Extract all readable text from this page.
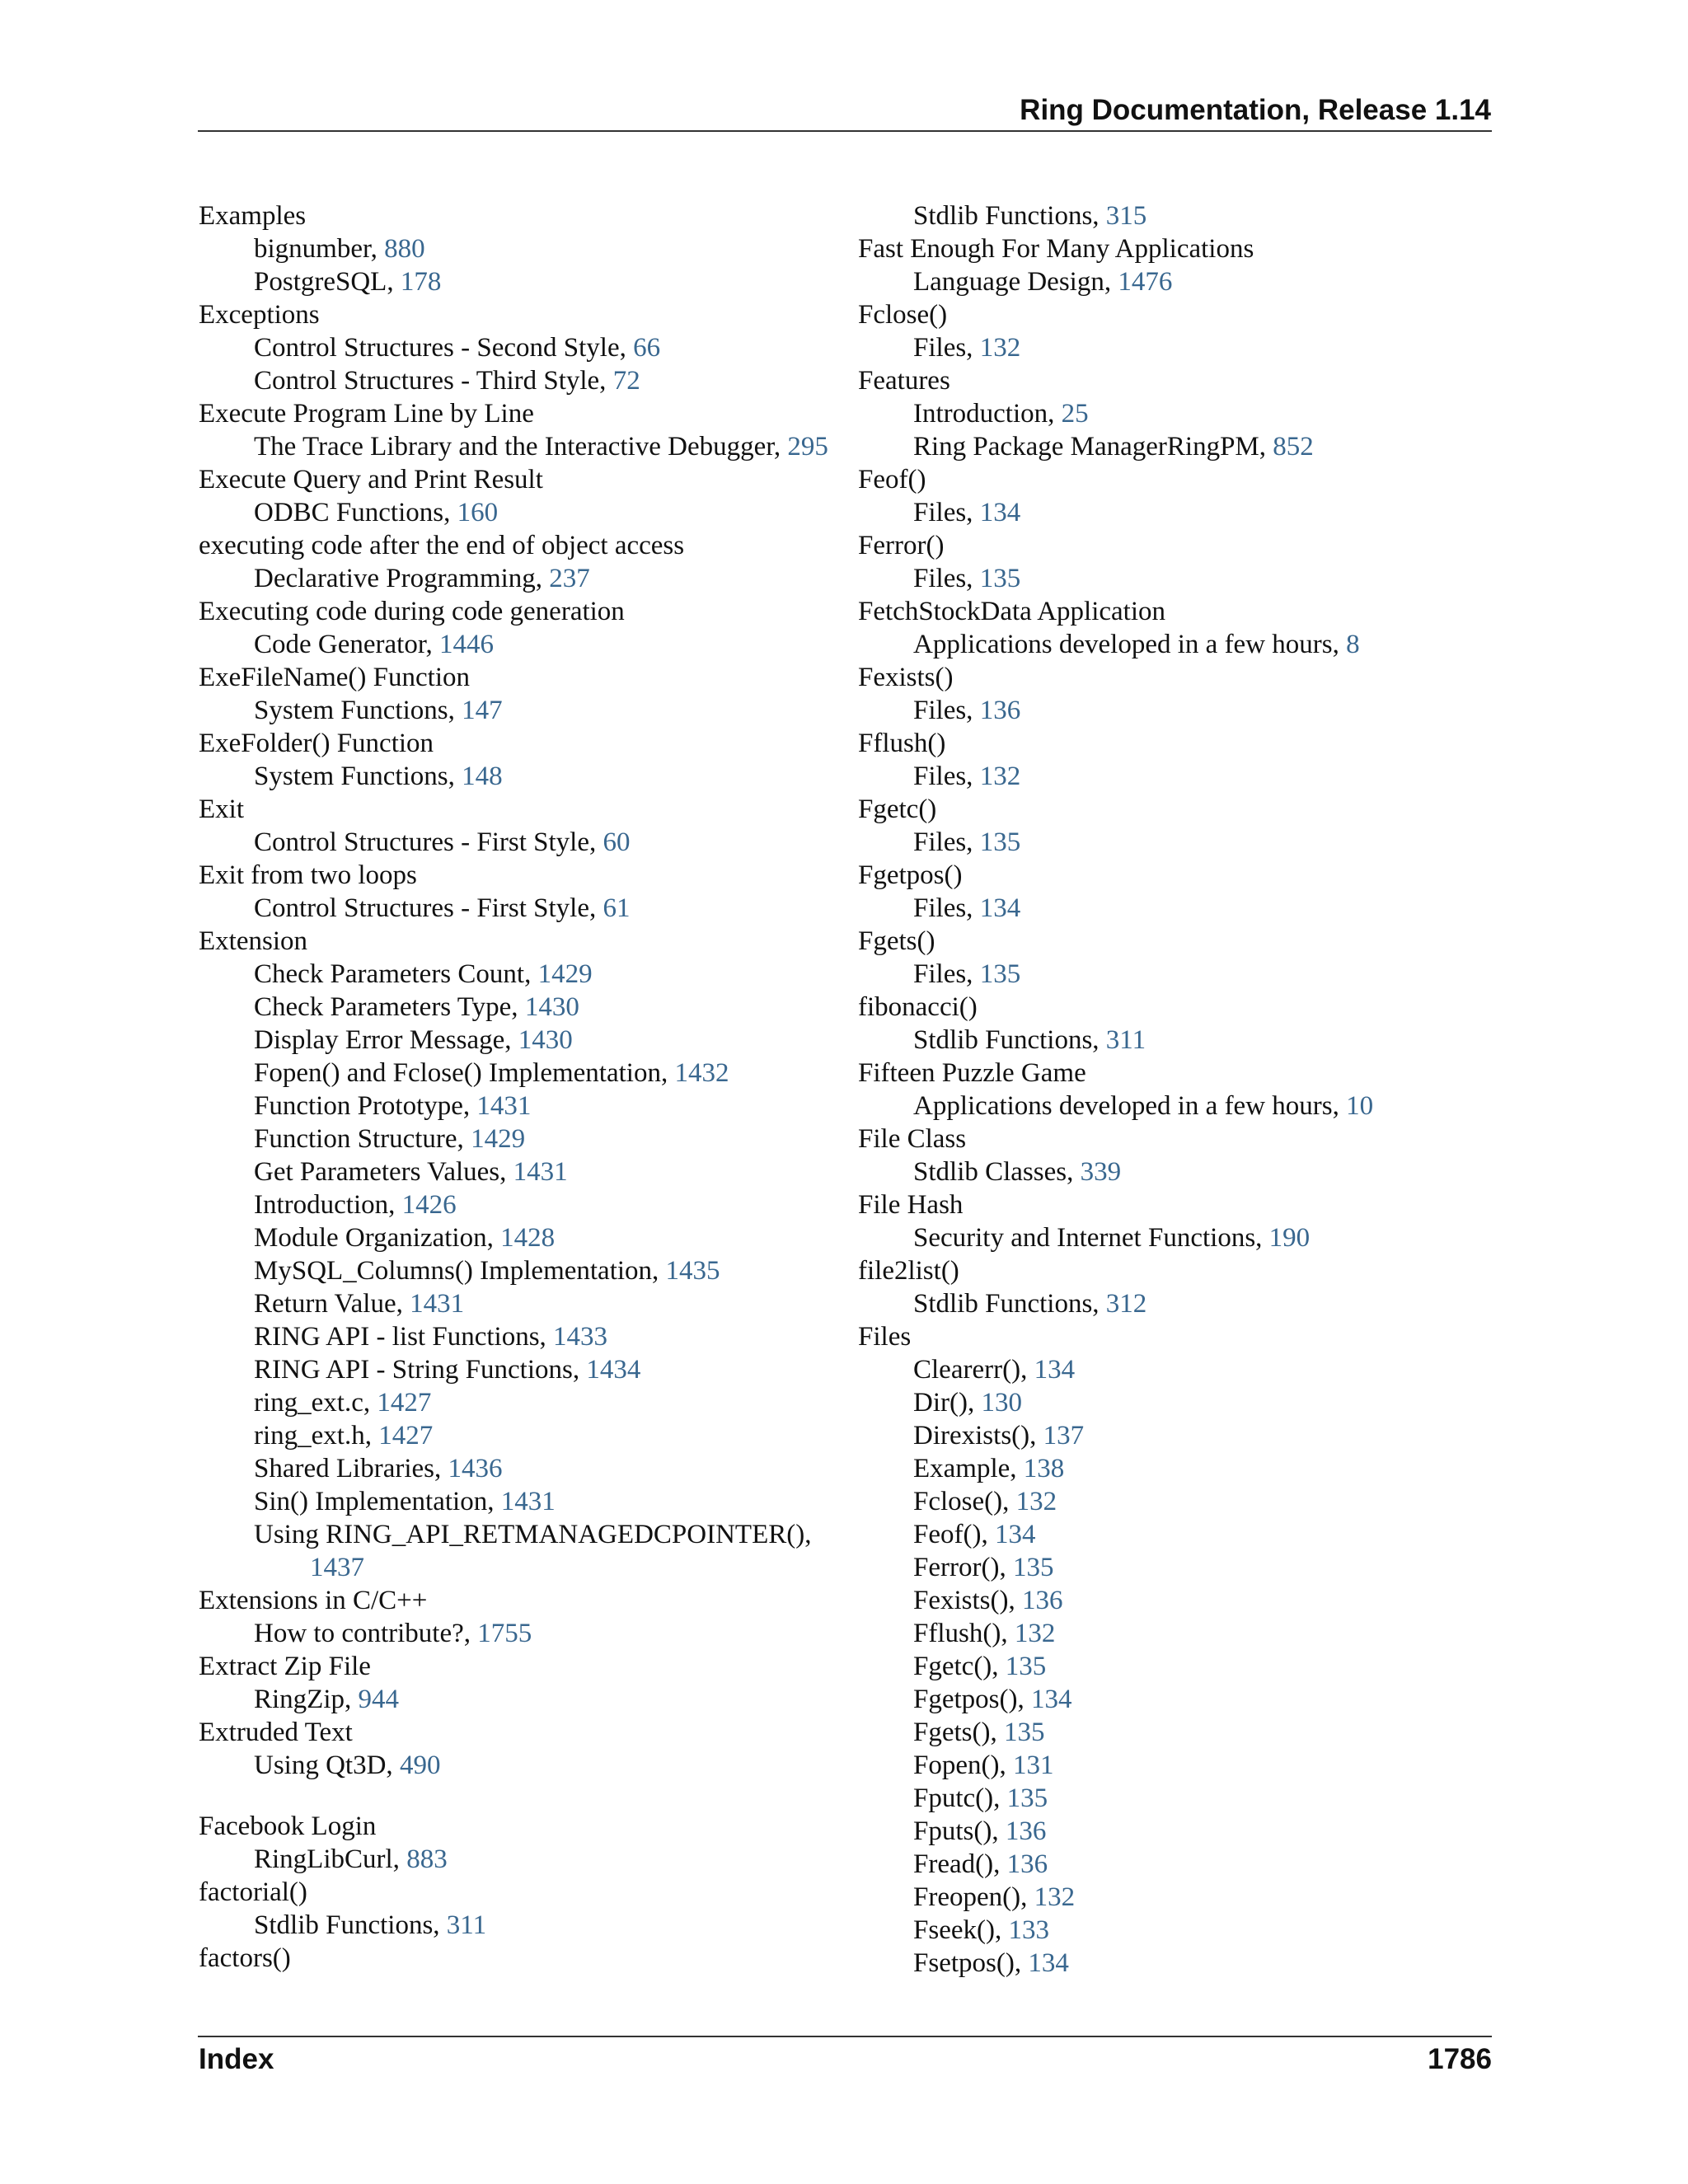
Ring Documentation, Release 1.14
Examples
bignumber, 880
PostgreSQL, 178
Exceptions
Control Structures - Second Style, 66
Control Structures - Third Style, 72
Execute Program Line by Line
The Trace Library and the Interactive Debugger, 295
Execute Query and Print Result
ODBC Functions, 160
executing code after the end of object access
Declarative Programming, 237
Executing code during code generation
Code Generator, 1446
ExeFileName() Function
System Functions, 147
ExeFolder() Function
System Functions, 148
Exit
Control Structures - First Style, 60
Exit from two loops
Control Structures - First Style, 61
Extension
Check Parameters Count, 1429
Check Parameters Type, 1430
Display Error Message, 1430
Fopen() and Fclose() Implementation, 1432
Function Prototype, 1431
Function Structure, 1429
Get Parameters Values, 1431
Introduction, 1426
Module Organization, 1428
MySQL_Columns() Implementation, 1435
Return Value, 1431
RING API - list Functions, 1433
RING API - String Functions, 1434
ring_ext.c, 1427
ring_ext.h, 1427
Shared Libraries, 1436
Sin() Implementation, 1431
Using RING_API_RETMANAGEDCPOINTER(),
1437
Extensions in C/C++
How to contribute?, 1755
Extract Zip File
RingZip, 944
Extruded Text
Using Qt3D, 490
Facebook Login
RingLibCurl, 883
factorial()
Stdlib Functions, 311
factors()
Stdlib Functions, 315
Fast Enough For Many Applications
Language Design, 1476
Fclose()
Files, 132
Features
Introduction, 25
Ring Package ManagerRingPM, 852
Feof()
Files, 134
Ferror()
Files, 135
FetchStockData Application
Applications developed in a few hours, 8
Fexists()
Files, 136
Fflush()
Files, 132
Fgetc()
Files, 135
Fgetpos()
Files, 134
Fgets()
Files, 135
fibonacci()
Stdlib Functions, 311
Fifteen Puzzle Game
Applications developed in a few hours, 10
File Class
Stdlib Classes, 339
File Hash
Security and Internet Functions, 190
file2list()
Stdlib Functions, 312
Files
Clearerr(), 134
Dir(), 130
Direxists(), 137
Example, 138
Fclose(), 132
Feof(), 134
Ferror(), 135
Fexists(), 136
Fflush(), 132
Fgetc(), 135
Fgetpos(), 134
Fgets(), 135
Fopen(), 131
Fputc(), 135
Fputs(), 136
Fread(), 136
Freopen(), 132
Fseek(), 133
Fsetpos(), 134
Index	1786
